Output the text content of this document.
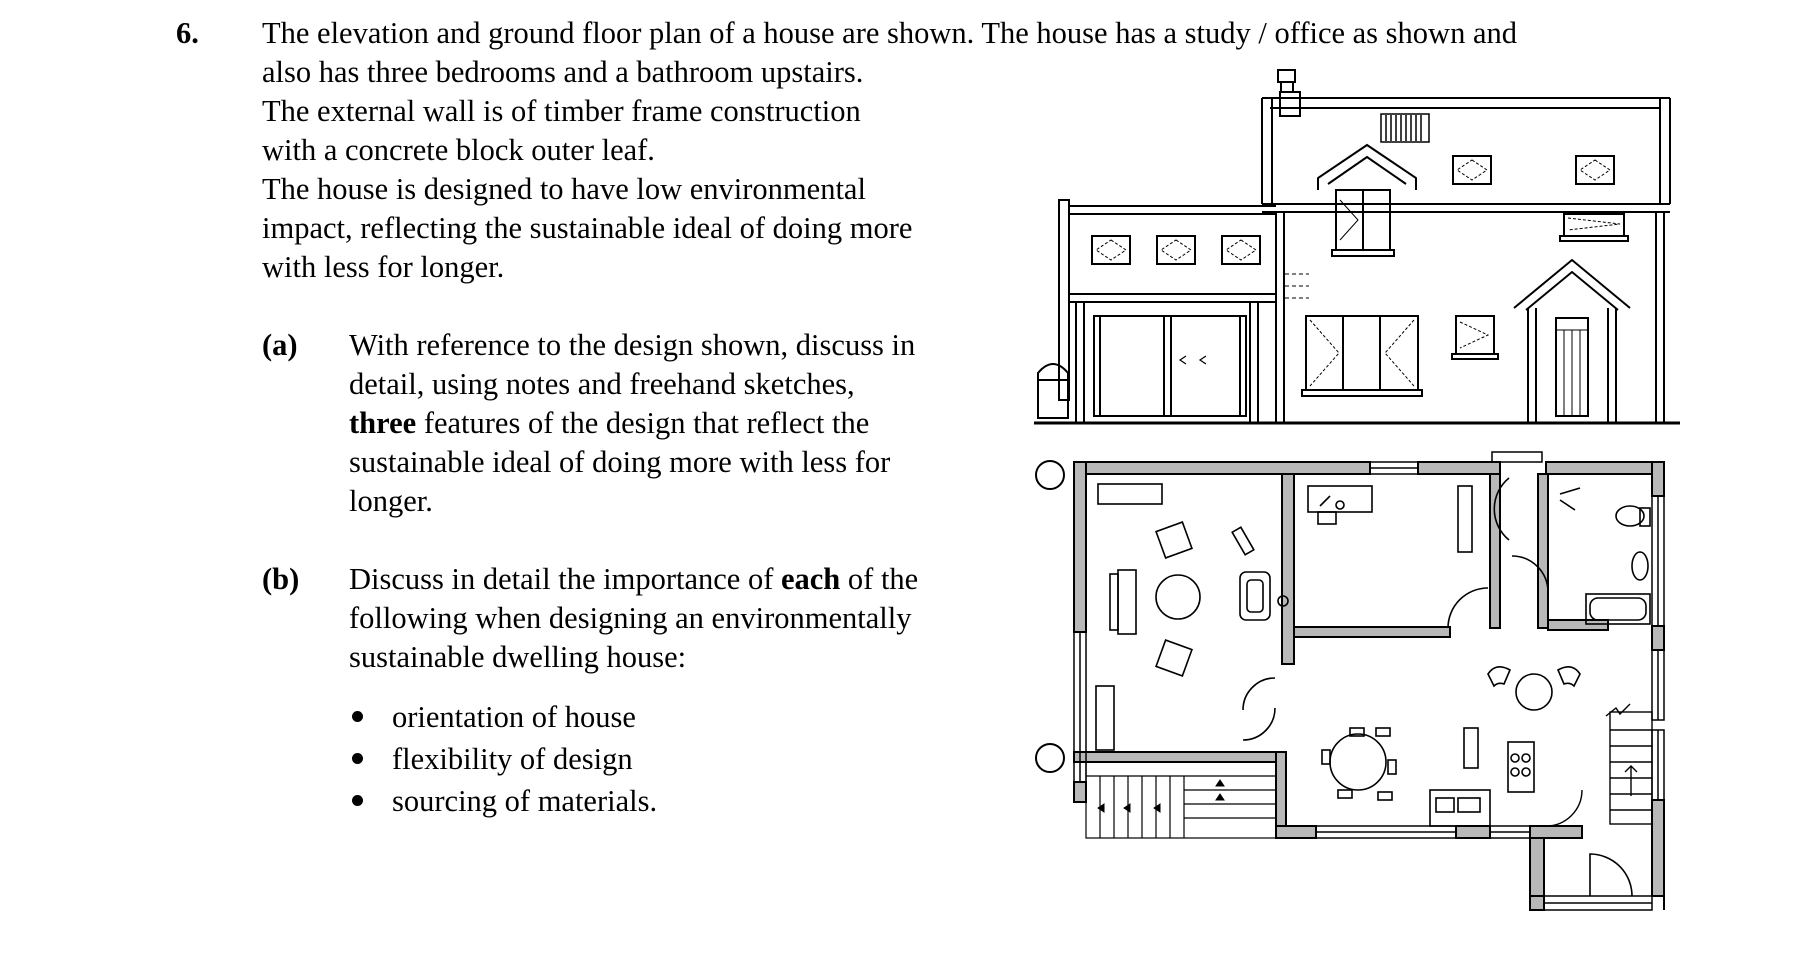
6. The elevation and ground floor plan of a house are shown. The house has a study / office as shown and
also has three bedrooms and a bathroom upstairs.
The external wall is of timber frame construction
with a concrete block outer leaf.
The house is designed to have low environmental
impact, reflecting the sustainable ideal of doing more
with less for longer.
(a) With reference to the design shown, discuss in
detail, using notes and freehand sketches,
three features of the design that reflect the
sustainable ideal of doing more with less for
longer.
(b) Discuss in detail the importance of each of the
following when designing an environmentally
sustainable dwelling house:
orientation of house
flexibility of design
sourcing of materials.
